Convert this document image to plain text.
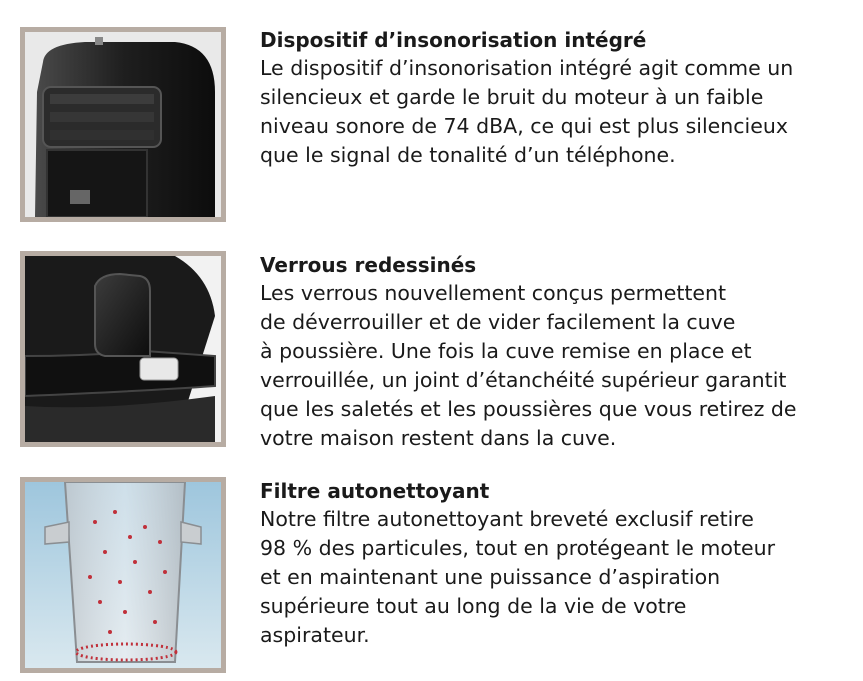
Dispositif d’insonorisation intégré

Le dispositif d’insonorisation intégré agit comme un

silencieux et garde le bruit du moteur à un faible

niveau sonore de 74 dBA, ce qui est plus silencieux

que le signal de tonalité d’un téléphone.

Verrous redessinés

Les verrous nouvellement conçus permettent

de déverrouiller et de vider facilement la cuve

à poussière. Une fois la cuve remise en place et

verrouillée, un joint d’étanchéité supérieur garantit

que les saletés et les poussières que vous retirez de

votre maison restent dans la cuve.

Filtre autonettoyant

Notre filtre autonettoyant breveté exclusif retire

98 % des particules, tout en protégeant le moteur

et en maintenant une puissance d’aspiration

supérieure tout au long de la vie de votre

aspirateur.
